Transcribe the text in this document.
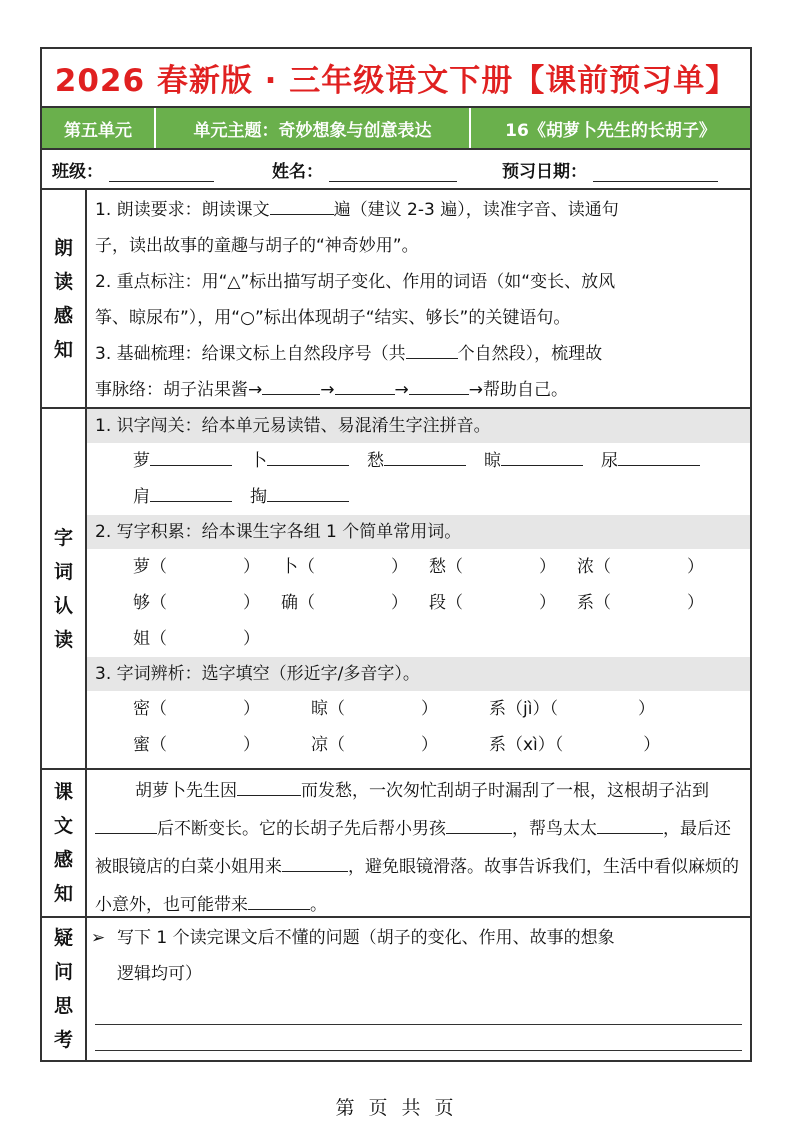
2026 春新版 · 三年级语文下册【课前预习单】
第五单元	单元主题：奇妙想象与创意表达	16《胡萝卜先生的长胡子》
班级：	姓名：	预习日期：
朗
读
感
知
1. 朗读要求：朗读课文	遍（建议 2-3 遍），读准字音、读通句
子，读出故事的童趣与胡子的“神奇妙用”。
2. 重点标注：用“△”标出描写胡子变化、作用的词语（如“变长、放风
筝、晾尿布”），用“○”标出体现胡子“结实、够长”的关键语句。
3. 基础梳理：给课文标上自然段序号（共	个自然段），梳理故
事脉络：胡子沾果酱→	→	→	→帮助自己。
字
词
认
读
1. 识字闯关：给本单元易读错、易混淆生字注拼音。
萝	卜	愁	晾	尿
肩	掏
2. 写字积累：给本课生字各组 1 个简单常用词。
萝（	）	卜（	）	愁（	）	浓（	）
够（	）	确（	）	段（	）	系（	）
姐（	）
3. 字词辨析：选字填空（形近字/多音字）。
密（	）	晾（	）	系（jì）（	）
蜜（	）	凉（	）	系（xì）（	）
课
文
感
知
胡萝卜先生因	而发愁，一次匆忙刮胡子时漏刮了一根，这根胡子沾到后不断变长。它的长胡子先后帮小男孩	，帮鸟太太	，最后还被眼镜店的白菜小姐用来	，避免眼镜滑落。故事告诉我们，生活中看似麻烦的小意外，也可能带来	。
疑
问
思
考
➢ 写下 1 个读完课文后不懂的问题（胡子的变化、作用、故事的想象
逻辑均可）
第 页 共 页
